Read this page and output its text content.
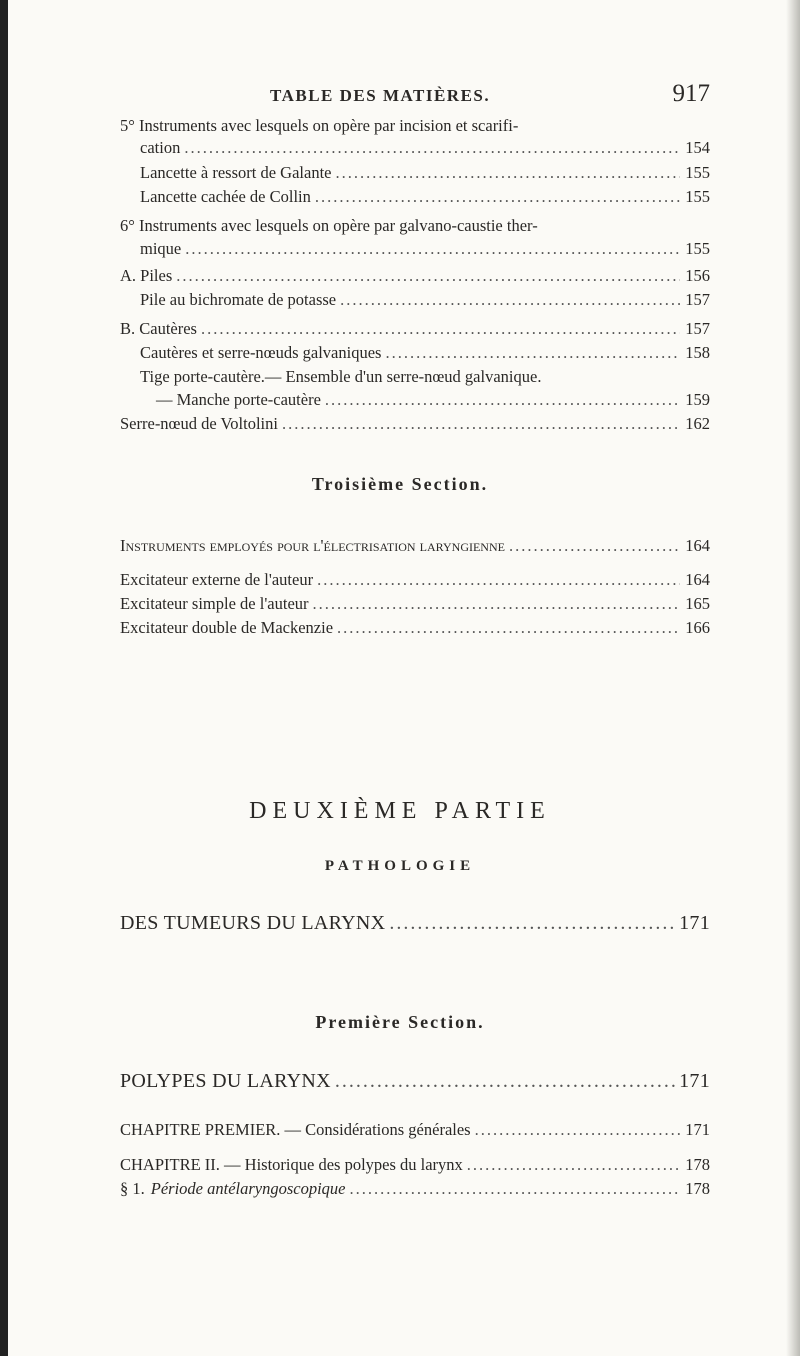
TABLE DES MATIÈRES.	917
5° Instruments avec lesquels on opère par incision et scarifi-
cation .....	154
Lancette à ressort de Galante .....	155
Lancette cachée de Collin .....	155
6° Instruments avec lesquels on opère par galvano-caustie ther-
mique .....	155
A. Piles .....	156
Pile au bichromate de potasse .....	157
B. Cautères .....	157
Cautères et serre-nœuds galvaniques .....	158
Tige porte-cautère.— Ensemble d'un serre-nœud galvanique.
— Manche porte-cautère .....	159
Serre-nœud de Voltolini .....	162
Troisième Section.
Instruments employés pour l'électrisation laryngienne .....	164
Excitateur externe de l'auteur .....	164
Excitateur simple de l'auteur .....	165
Excitateur double de Mackenzie .....	166
DEUXIÈME PARTIE
PATHOLOGIE
DES TUMEURS DU LARYNX .....	171
Première Section.
POLYPES DU LARYNX .....	171
CHAPITRE PREMIER. — Considérations générales .....	171
CHAPITRE II. — Historique des polypes du larynx .....	178
§ 1. Période antélaryngoscopique .....	178
